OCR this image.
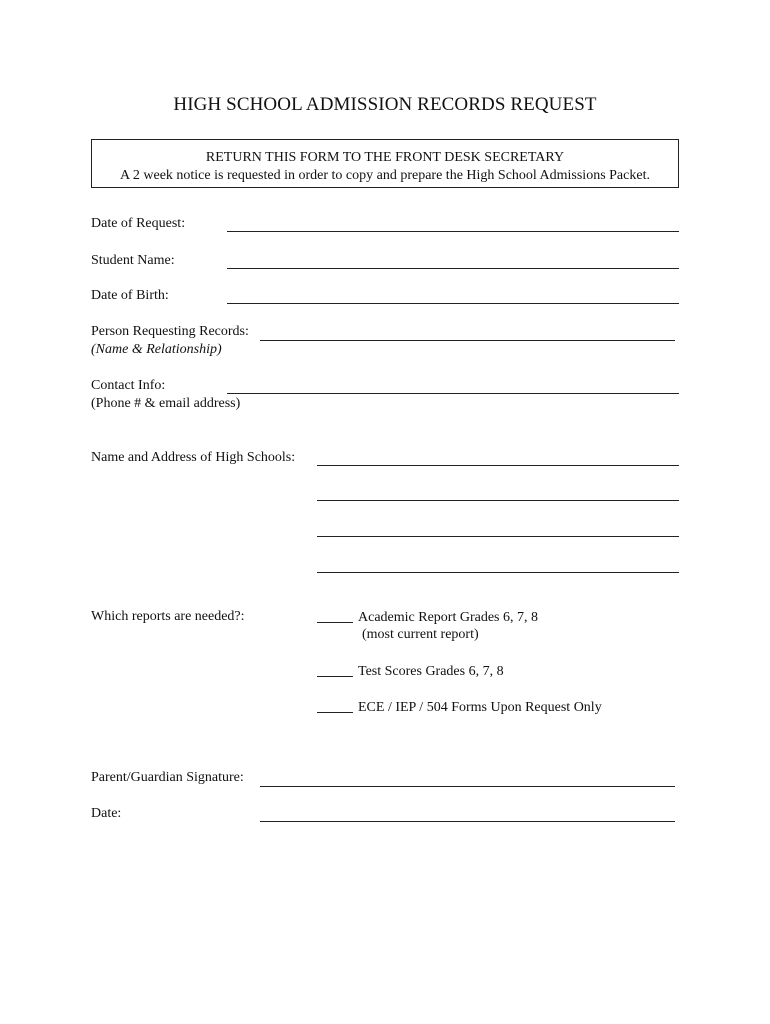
HIGH SCHOOL ADMISSION RECORDS REQUEST
RETURN THIS FORM TO THE FRONT DESK SECRETARY
A 2 week notice is requested in order to copy and prepare the High School Admissions Packet.
Date of Request:
Student Name:
Date of Birth:
Person Requesting Records:
(Name & Relationship)
Contact Info:
(Phone # & email address)
Name and Address of High Schools:
Which reports are needed?:	Academic Report Grades 6, 7, 8
(most current report)
Test Scores Grades 6, 7, 8
ECE / IEP / 504 Forms Upon Request Only
Parent/Guardian Signature:
Date:
